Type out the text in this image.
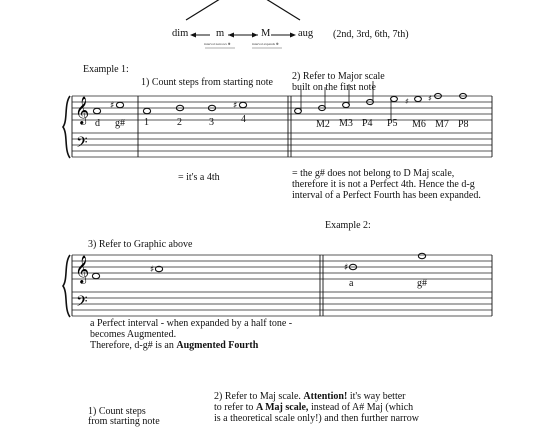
dim	m	M	aug (2nd, 3rd, 6th, 7th)
interval narrows ⊕	interval expands ⊕
Example 1:
1) Count steps from starting note
2) Refer to Major scale
built on the first note
𝄞
𝄢
♯	♯	♯ ♯
d g# 1	2	3	4	M2 M3 P4 P5 M6 M7 P8
= it's a 4th	= the g# does not belong to D Maj scale,
therefore it is not a Perfect 4th. Hence the d-g
interval of a Perfect Fourth has been expanded.
Example 2:
3) Refer to Graphic above
𝄞
𝄢
♯	♯
a	g#
a Perfect interval - when expanded by a half tone -
becomes Augmented.
Therefore, d-g# is an Augmented Fourth
1) Count steps
from starting note
2) Refer to Maj scale. Attention! it's way better
to refer to A Maj scale, instead of A# Maj (which
is a theoretical scale only!) and then further narrow
